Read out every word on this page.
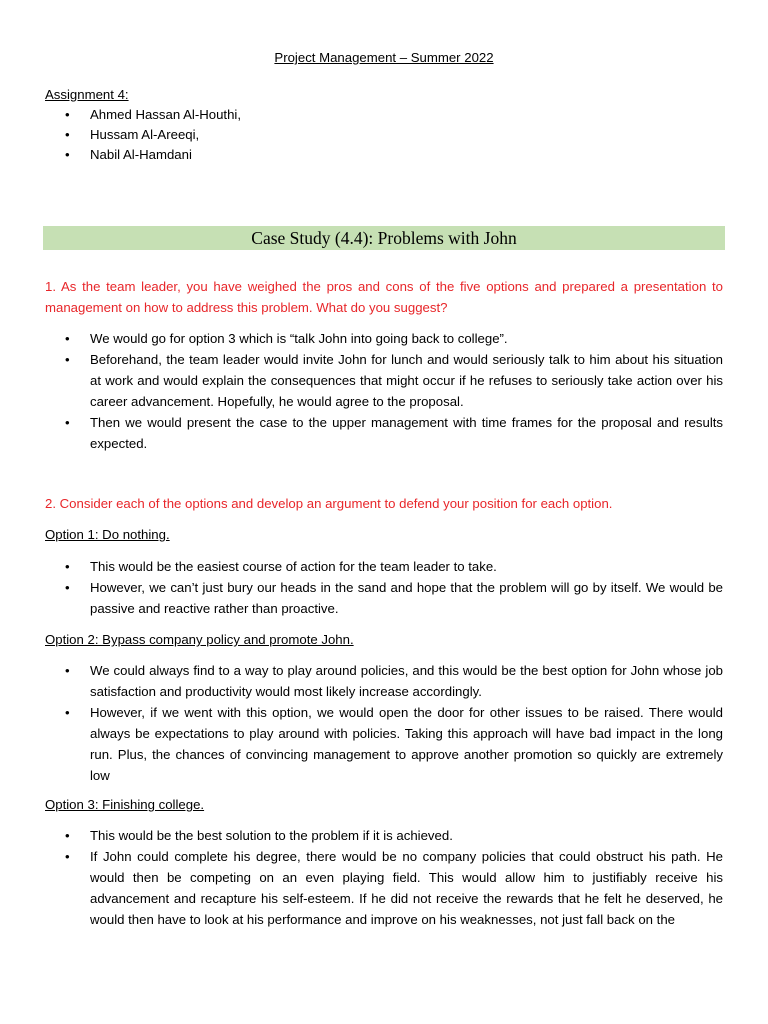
Project Management – Summer 2022
Assignment 4:
• Ahmed Hassan Al-Houthi,
• Hussam Al-Areeqi,
• Nabil Al-Hamdani
Case Study (4.4): Problems with John
1. As the team leader, you have weighed the pros and cons of the five options and prepared a presentation to management on how to address this problem. What do you suggest?
• We would go for option 3 which is “talk John into going back to college”.
• Beforehand, the team leader would invite John for lunch and would seriously talk to him about his situation at work and would explain the consequences that might occur if he refuses to seriously take action over his career advancement. Hopefully, he would agree to the proposal.
• Then we would present the case to the upper management with time frames for the proposal and results expected.
2. Consider each of the options and develop an argument to defend your position for each option.
Option 1: Do nothing.
• This would be the easiest course of action for the team leader to take.
• However, we can’t just bury our heads in the sand and hope that the problem will go by itself. We would be passive and reactive rather than proactive.
Option 2: Bypass company policy and promote John.
• We could always find to a way to play around policies, and this would be the best option for John whose job satisfaction and productivity would most likely increase accordingly.
• However, if we went with this option, we would open the door for other issues to be raised. There would always be expectations to play around with policies. Taking this approach will have bad impact in the long run. Plus, the chances of convincing management to approve another promotion so quickly are extremely low
Option 3: Finishing college.
• This would be the best solution to the problem if it is achieved.
• If John could complete his degree, there would be no company policies that could obstruct his path. He would then be competing on an even playing field. This would allow him to justifiably receive his advancement and recapture his self-esteem. If he did not receive the rewards that he felt he deserved, he would then have to look at his performance and improve on his weaknesses, not just fall back on the
